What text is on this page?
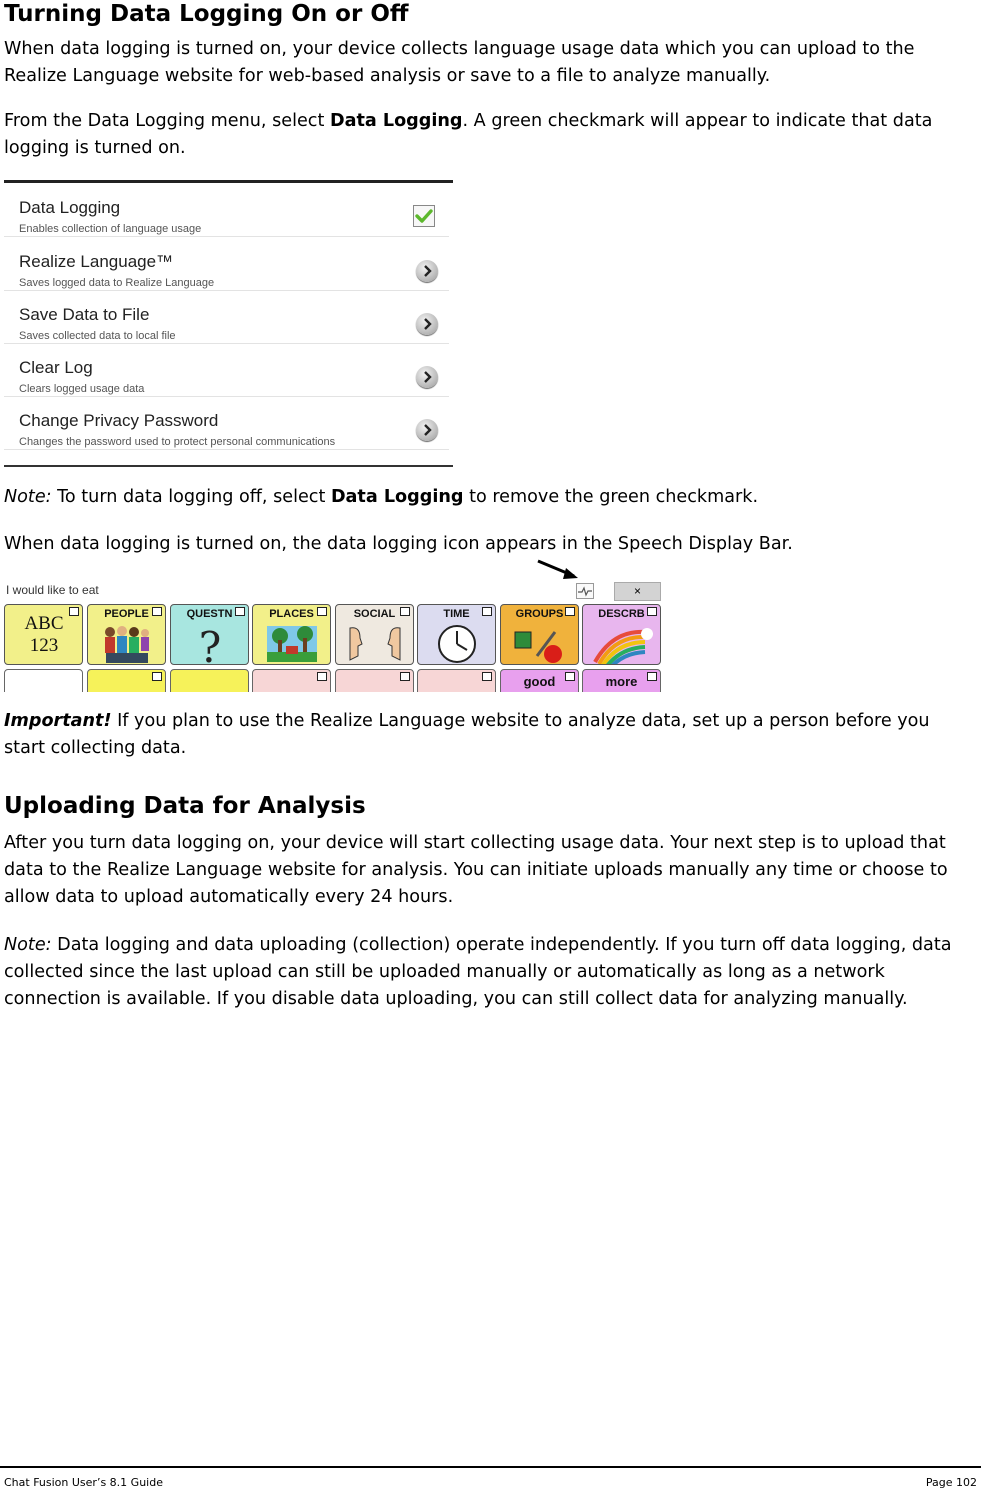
Turning Data Logging On or Off

When data logging is turned on, your device collects language usage data which you can upload to the Realize Language website for web-based analysis or save to a file to analyze manually.

From the Data Logging menu, select Data Logging. A green checkmark will appear to indicate that data logging is turned on.

Data Logging
Enables collection of language usage
Realize Language™
Saves logged data to Realize Language
Save Data to File
Saves collected data to local file
Clear Log
Clears logged usage data
Change Privacy Password
Changes the password used to protect personal communications

Note: To turn data logging off, select Data Logging to remove the green checkmark.

When data logging is turned on, the data logging icon appears in the Speech Display Bar.

I would like to eat	×
ABC 123
PEOPLE	QUESTN
?
PLACES	SOCIAL	TIME	GROUPS	DESCRB
good	more

Important! If you plan to use the Realize Language website to analyze data, set up a person before you start collecting data.

Uploading Data for Analysis

After you turn data logging on, your device will start collecting usage data. Your next step is to upload that data to the Realize Language website for analysis. You can initiate uploads manually any time or choose to allow data to upload automatically every 24 hours.

Note: Data logging and data uploading (collection) operate independently. If you turn off data logging, data collected since the last upload can still be uploaded manually or automatically as long as a network connection is available. If you disable data uploading, you can still collect data for analyzing manually.

Chat Fusion User’s 8.1 Guide	Page 102
